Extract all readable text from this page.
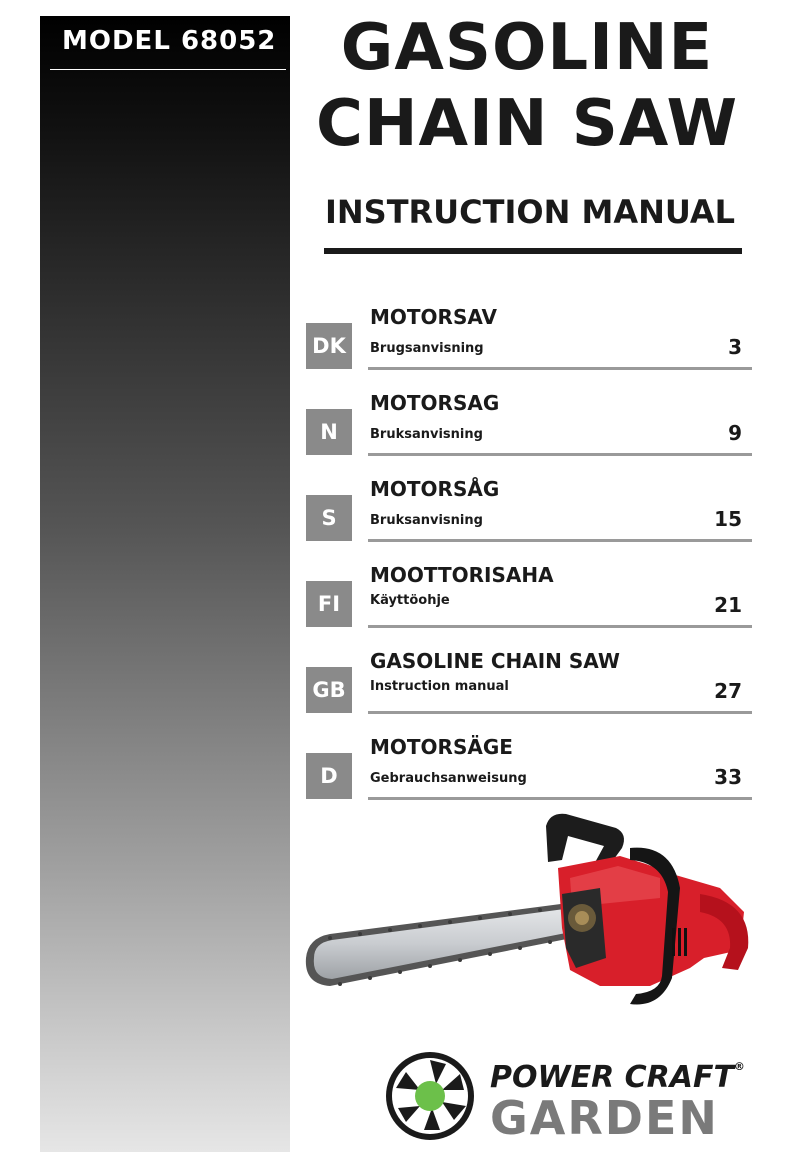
MODEL 68052	GASOLINE
CHAIN SAW
INSTRUCTION MANUAL
DK
MOTORSAV
Brugsanvisning	3
N
MOTORSAG
Bruksanvisning	9
S
MOTORSÅG
Bruksanvisning	15
FI
MOOTTORISAHA
Käyttöohje	21
GB
GASOLINE CHAIN SAW
Instruction manual	27
D
MOTORSÄGE
Gebrauchsanweisung	33
POWER CRAFT®
GARDEN
